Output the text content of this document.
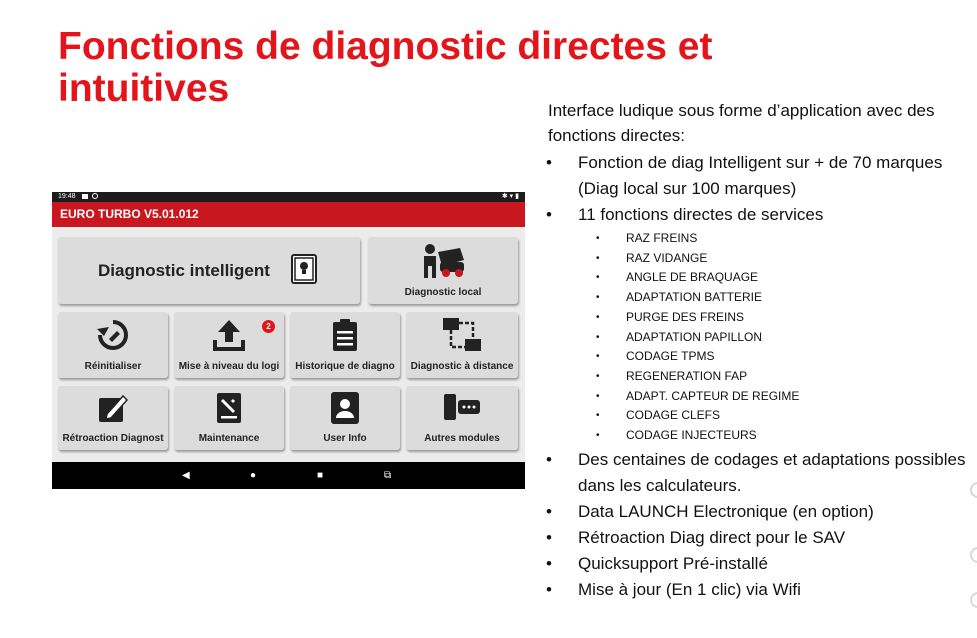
Fonctions de diagnostic directes et intuitives
19:48	✱ ▾ ▮
EURO TURBO V5.01.012
Diagnostic intelligent
Diagnostic local
Réinitialiser
2
Mise à niveau du logi	Historique de diagno	Diagnostic à distance
Rétroaction Diagnost	Maintenance	User Info	Autres modules
◀	●	■	⧉
Interface ludique sous forme d’application avec des fonctions directes:
• Fonction de diag Intelligent sur + de 70 marques (Diag local sur 100 marques)
• 11 fonctions directes de services
• RAZ FREINS
• RAZ VIDANGE
• ANGLE DE BRAQUAGE
• ADAPTATION BATTERIE
• PURGE DES FREINS
• ADAPTATION PAPILLON
• CODAGE TPMS
• REGENERATION FAP
• ADAPT. CAPTEUR DE REGIME
• CODAGE CLEFS
• CODAGE INJECTEURS
• Des centaines de codages et adaptations possibles dans les calculateurs.
• Data LAUNCH Electronique (en option)
• Rétroaction Diag direct pour le SAV
• Quicksupport Pré-installé
• Mise à jour (En 1 clic) via Wifi
